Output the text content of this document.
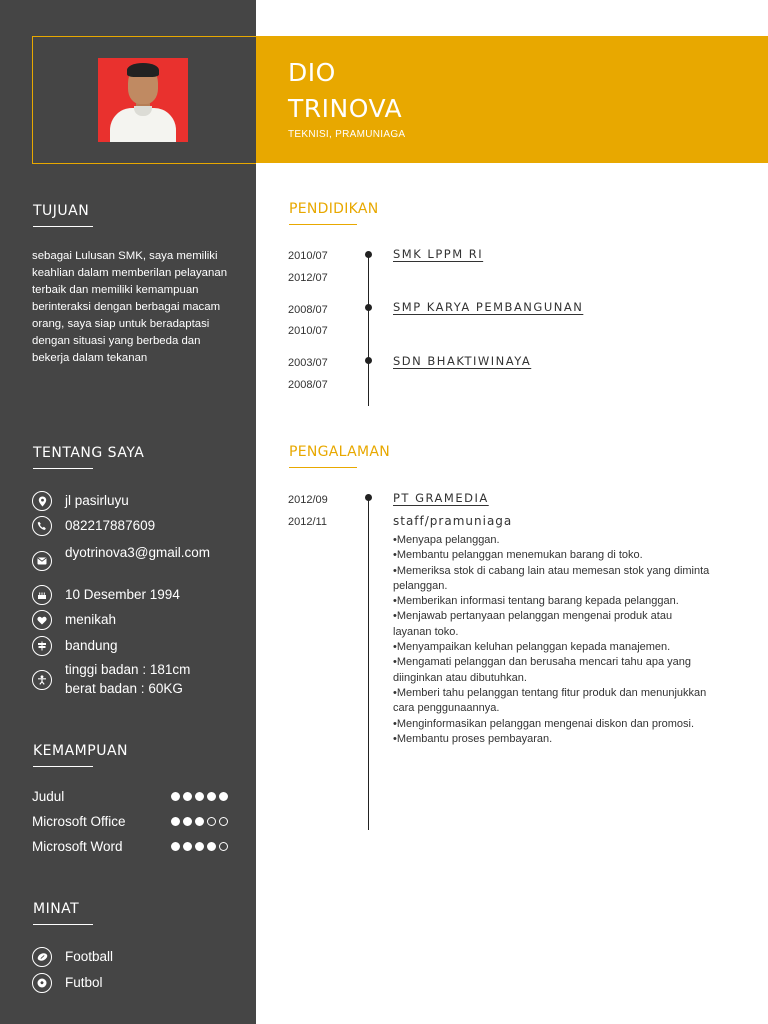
DIO
TRINOVA
TEKNISI, PRAMUNIAGA
TUJUAN
sebagai Lulusan SMK, saya memiliki keahlian dalam memberilan pelayanan terbaik dan memiliki kemampuan berinteraksi dengan berbagai macam orang, saya siap untuk beradaptasi dengan situasi yang berbeda dan bekerja dalam tekanan
TENTANG SAYA
jl pasirluyu
082217887609
dyotrinova3@gmail.com
10 Desember 1994
menikah
bandung
tinggi badan : 181cm
berat badan : 60KG
KEMAMPUAN
Judul
Microsoft Office
Microsoft Word
MINAT
Football
Futbol
PENDIDIKAN
2010/07
2012/07
SMK LPPM RI
2008/07
2010/07
SMP KARYA PEMBANGUNAN
2003/07
2008/07
SDN BHAKTIWINAYA
PENGALAMAN
2012/09
2012/11
PT GRAMEDIA
staff/pramuniaga
•Menyapa pelanggan.
•Membantu pelanggan menemukan barang di toko.
•Memeriksa stok di cabang lain atau memesan stok yang diminta pelanggan.
•Memberikan informasi tentang barang kepada pelanggan.
•Menjawab pertanyaan pelanggan mengenai produk atau layanan toko.
•Menyampaikan keluhan pelanggan kepada manajemen.
•Mengamati pelanggan dan berusaha mencari tahu apa yang diinginkan atau dibutuhkan.
•Memberi tahu pelanggan tentang fitur produk dan menunjukkan cara penggunaannya.
•Menginformasikan pelanggan mengenai diskon dan promosi.
•Membantu proses pembayaran.
